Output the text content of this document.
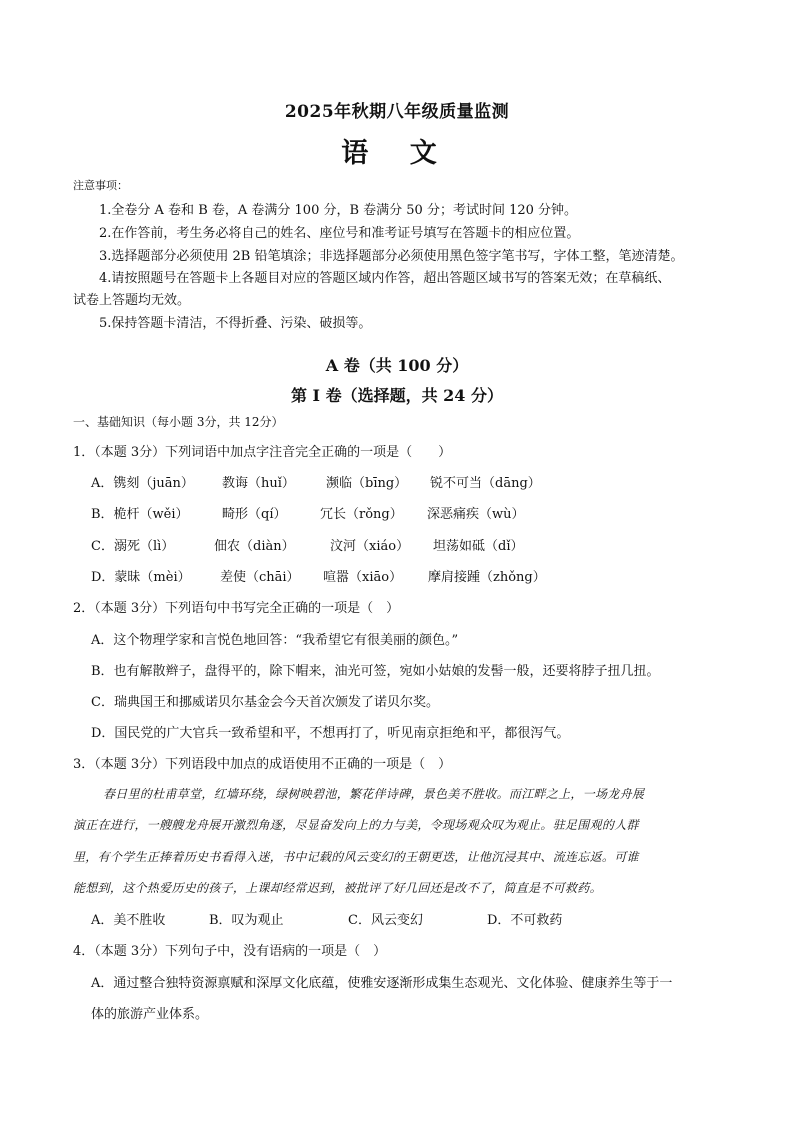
2025年秋期八年级质量监测
语 文
注意事项：
1.全卷分 A 卷和 B 卷，A 卷满分 100 分，B 卷满分 50 分；考试时间 120 分钟。
2.在作答前，考生务必将自己的姓名、座位号和准考证号填写在答题卡的相应位置。
3.选择题部分必须使用 2B 铅笔填涂；非选择题部分必须使用黑色签字笔书写，字体工整，笔迹清楚。
4.请按照题号在答题卡上各题目对应的答题区域内作答，超出答题区域书写的答案无效；在草稿纸、
试卷上答题均无效。
5.保持答题卡清洁，不得折叠、污染、破损等。
A 卷（共 100 分）
第 I 卷（选择题，共 24 分）
一、基础知识（每小题 3分，共 12分）
1．（本题 3分）下列词语中加点字注音完全正确的一项是（　　）
A．镌刻（juān） 教诲（huǐ） 濒临（bīng） 锐不可当（dāng）
B．桅杆（wěi）	畸形（qí）	冗长（rǒng） 深恶痛疾（wù）
C．溺死（lì）	佃农（diàn）	汶河（xiáo） 坦荡如砥（dǐ）
D．蒙昧（mèi） 差使（chāi） 喧嚣（xiāo） 摩肩接踵（zhǒng）
2．（本题 3分）下列语句中书写完全正确的一项是（　）
A．这个物理学家和言悦色地回答：“我希望它有很美丽的颜色。”
B．也有解散辫子，盘得平的，除下帽来，油光可签，宛如小姑娘的发髻一般，还要将脖子扭几扭。
C．瑞典国王和挪威诺贝尔基金会今天首次颁发了诺贝尔奖。
D．国民党的广大官兵一致希望和平，不想再打了，听见南京拒绝和平，都很泻气。
3．（本题 3分）下列语段中加点的成语使用不正确的一项是（　）
春日里的杜甫草堂，红墙环绕，绿树映碧池，繁花伴诗碑，景色美不胜收。而江畔之上，一场龙舟展
演正在进行，一艘艘龙舟展开激烈角逐，尽显奋发向上的力与美，令现场观众叹为观止。驻足围观的人群
里，有个学生正捧着历史书看得入迷，书中记载的风云变幻的王朝更迭，让他沉浸其中、流连忘返。可谁
能想到，这个热爱历史的孩子，上课却经常迟到，被批评了好几回还是改不了，简直是不可救药。
A．美不胜收	B．叹为观止	C．风云变幻	D．不可救药
4．（本题 3分）下列句子中，没有语病的一项是（　）
A．通过整合独特资源禀赋和深厚文化底蕴，使雅安逐渐形成集生态观光、文化体验、健康养生等于一
体的旅游产业体系。
